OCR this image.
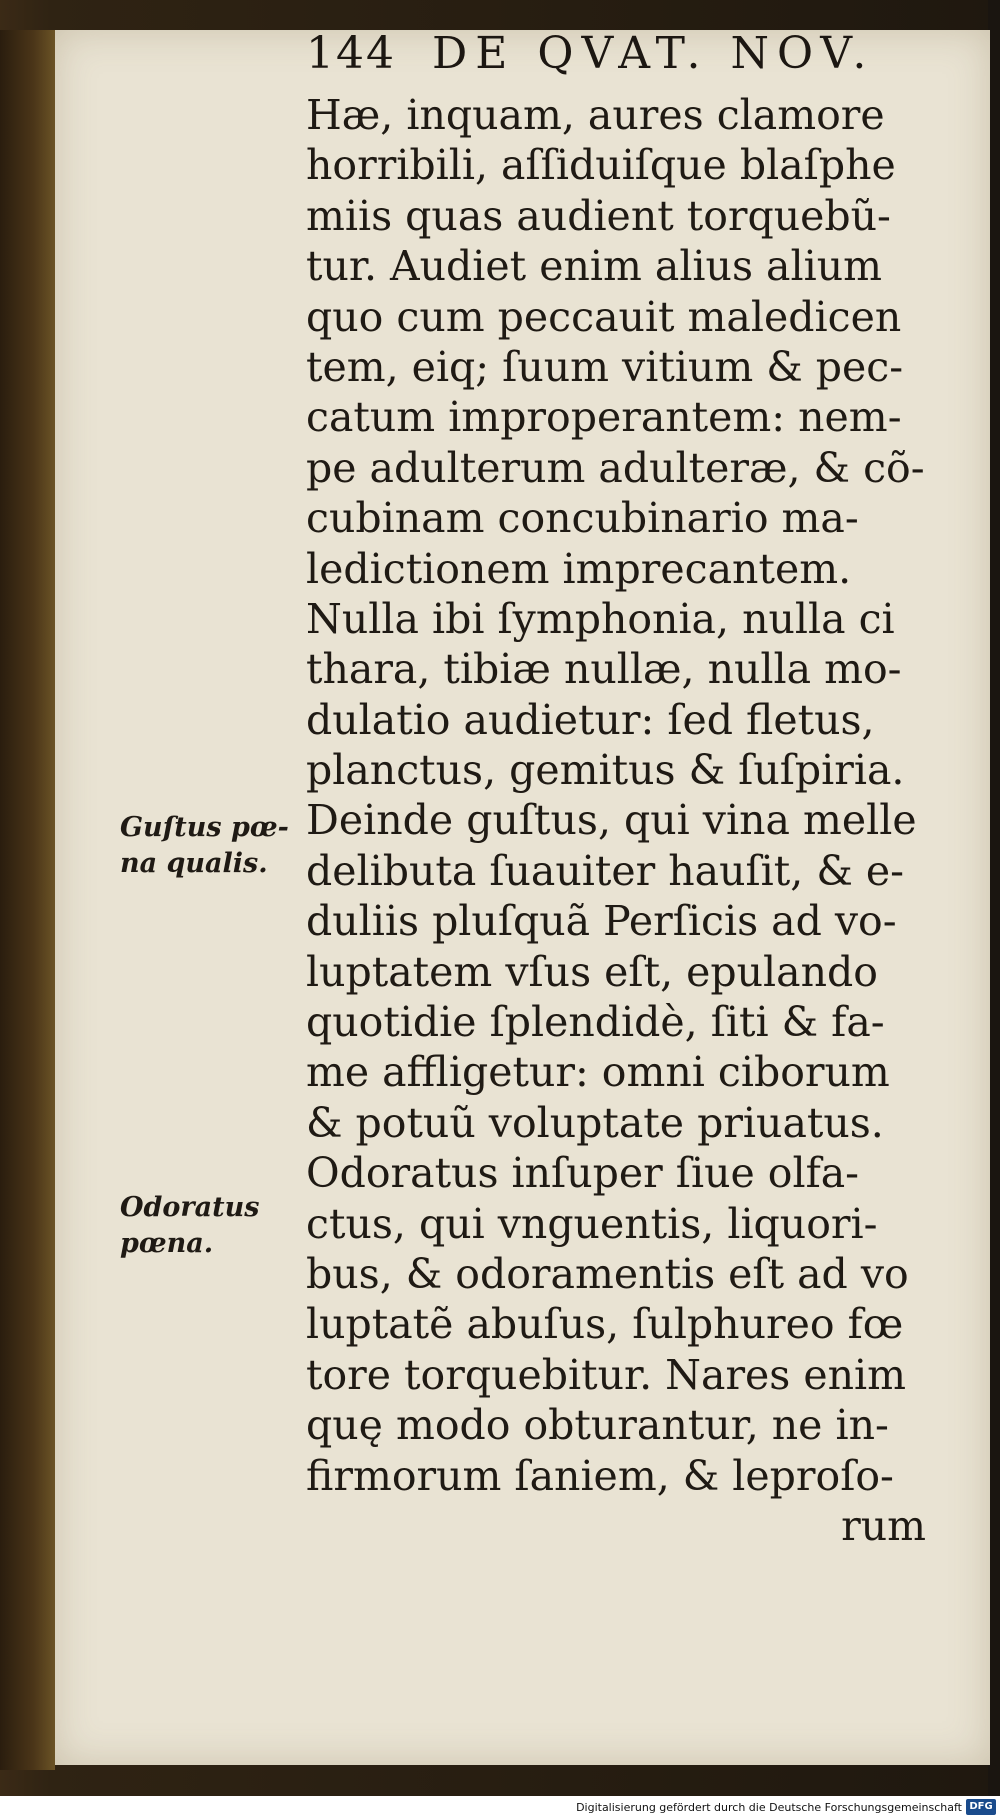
144 DE QVAT. NOV.
Hæ, inquam, aures clamore
horribili, aſſiduiſque blaſphe
miis quas audient torquebũ-
tur. Audiet enim alius alium
quo cum peccauit maledicen
tem, eiq; ſuum vitium & pec-
catum improperantem: nem-
pe adulterum adulteræ, & cõ-
cubinam concubinario ma-
ledictionem imprecantem.
Nulla ibi ſymphonia, nulla ci
thara, tibiæ nullæ, nulla mo-
dulatio audietur: ſed fletus,
planctus, gemitus & ſuſpiria.
Deinde guſtus, qui vina melle
delibuta ſuauiter hauſit, & e-
duliis pluſquã Perſicis ad vo-
luptatem vſus eſt, epulando
quotidie ſplendidè, ſiti & fa-
me affligetur: omni ciborum
& potuũ voluptate priuatus.
Odoratus inſuper ſiue olfa-
ctus, qui vnguentis, liquori-
bus, & odoramentis eſt ad vo
luptatẽ abuſus, ſulphureo fœ
tore torquebitur. Nares enim
quę modo obturantur, ne in-
firmorum ſaniem, & leproſo-
rum
Guſtus pœ-
na qualis.
Odoratus
pœna.
Digitalisierung gefördert durch die Deutsche Forschungsgemeinschaft DFG
